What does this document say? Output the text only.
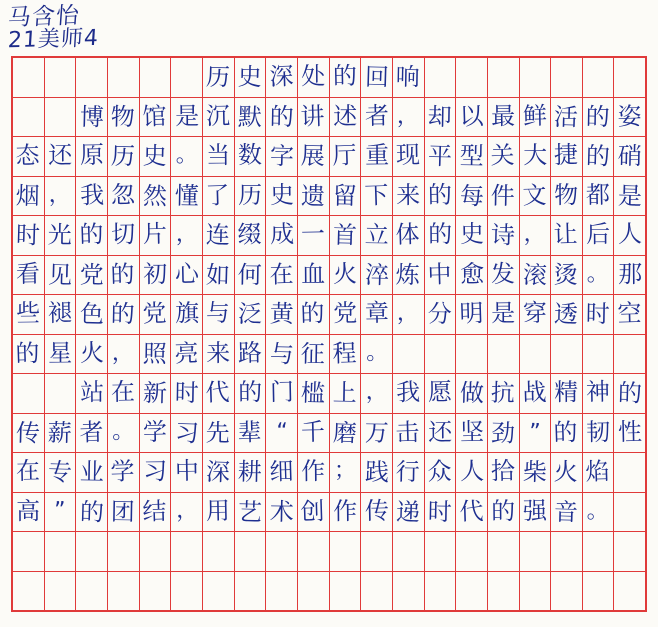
马含怡
21美师4
历 史 深 处 的 回 响
博 物 馆 是 沉 默 的 讲 述 者 ， 却 以 最 鲜 活 的 姿
态 还 原 历 史 。 当 数 字 展 厅 重 现 平 型 关 大 捷 的 硝
烟 ， 我 忽 然 懂 了 历 史 遗 留 下 来 的 每 件 文 物 都 是
时 光 的 切 片 ， 连 缀 成 一 首 立 体 的 史 诗 ， 让 后 人
看 见 党 的 初 心 如 何 在 血 火 淬 炼 中 愈 发 滚 烫 。 那
些 褪 色 的 党 旗 与 泛 黄 的 党 章 ， 分 明 是 穿 透 时 空
的 星 火 ， 照 亮 来 路 与 征 程 。
站 在 新 时 代 的 门 槛 上 ， 我 愿 做 抗 战 精 神 的
传 薪 者 。 学 习 先 辈 “ 千 磨 万 击 还 坚 劲 ” 的 韧 性
在 专 业 学 习 中 深 耕 细 作 ； 践 行 众 人 拾 柴 火 焰
高 ” 的 团 结 ， 用 艺 术 创 作 传 递 时 代 的 强 音 。
